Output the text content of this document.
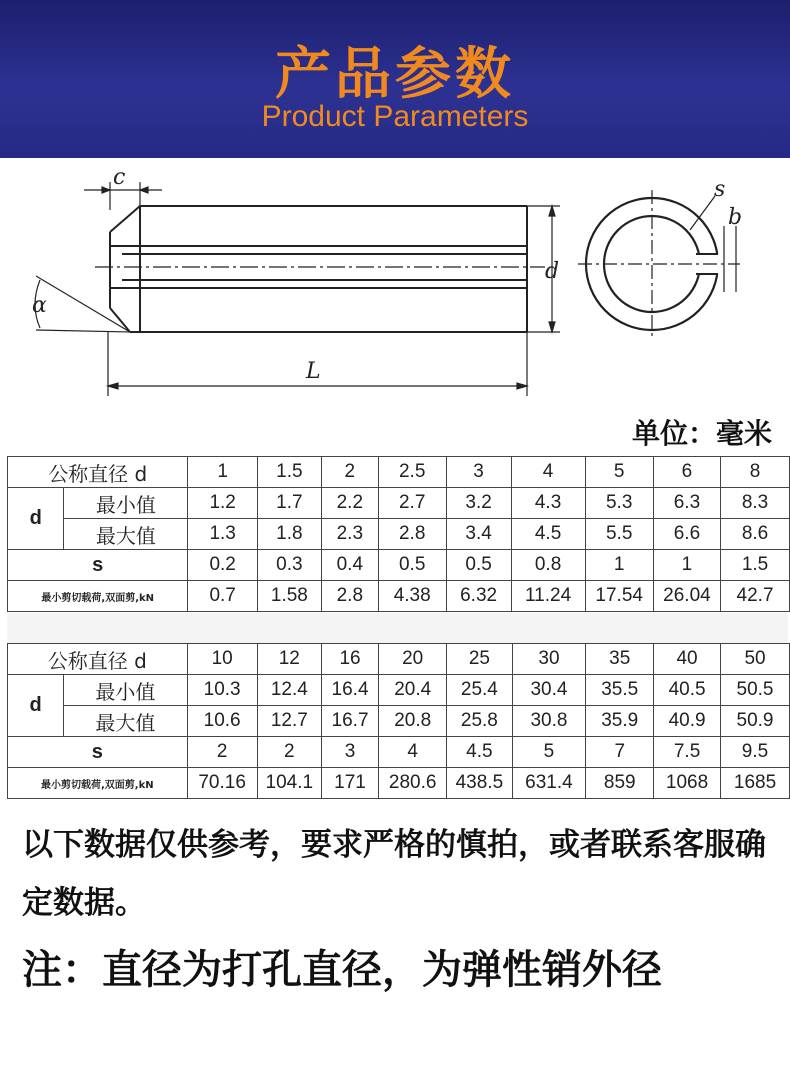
产品参数
Product Parameters
c
α
d
L
s
b
单位：毫米
公称直径 d		1	1.5	2	2.5	3	4	5	6	8
d	最小值	1.2	1.7	2.2	2.7	3.2	4.3	5.3	6.3	8.3
	最大值	1.3	1.8	2.3	2.8	3.4	4.5	5.5	6.6	8.6
s		0.2	0.3	0.4	0.5	0.5	0.8	1	1	1.5
最小剪切载荷,双面剪,kN		0.7	1.58	2.8	4.38	6.32	11.24	17.54	26.04	42.7
公称直径 d		10	12	16	20	25	30	35	40	50
d	最小值	10.3	12.4	16.4	20.4	25.4	30.4	35.5	40.5	50.5
	最大值	10.6	12.7	16.7	20.8	25.8	30.8	35.9	40.9	50.9
s		2	2	3	4	4.5	5	7	7.5	9.5
最小剪切载荷,双面剪,kN		70.16	104.1	171	280.6	438.5	631.4	859	1068	1685
以下数据仅供参考，要求严格的慎拍，或者联系客服确定数据。
注：直径为打孔直径，为弹性销外径
